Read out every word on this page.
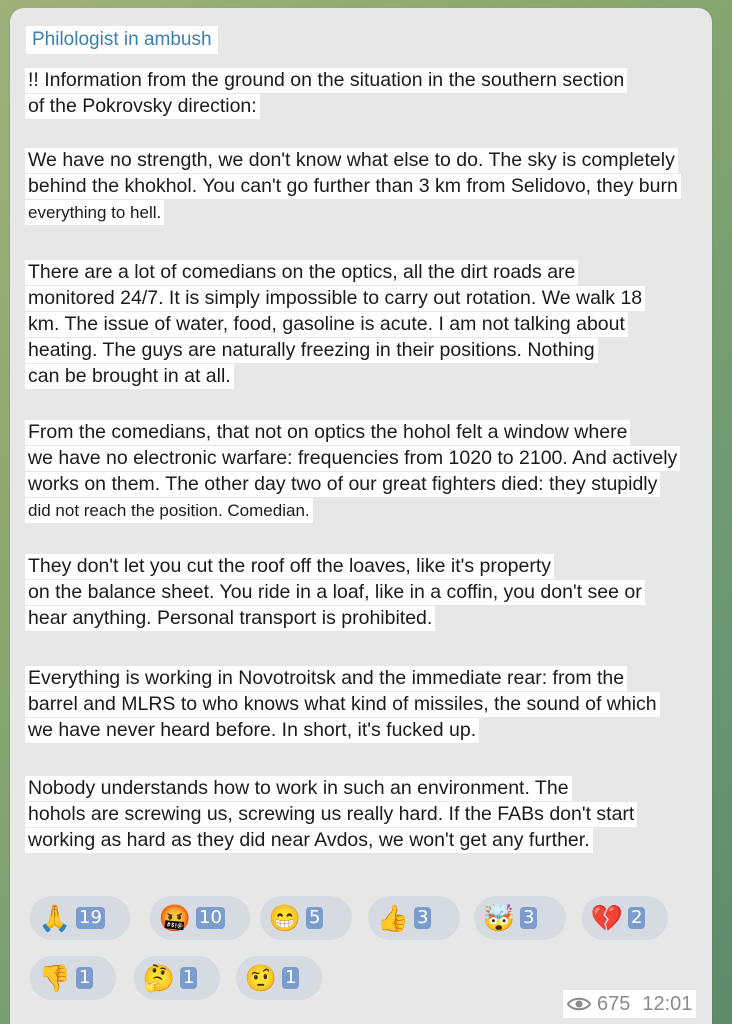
Philologist in ambush
!! Information from the ground on the situation in the southern section
of the Pokrovsky direction:
We have no strength, we don't know what else to do. The sky is completely
behind the khokhol. You can't go further than 3 km from Selidovo, they burn
everything to hell.
There are a lot of comedians on the optics, all the dirt roads are
monitored 24/7. It is simply impossible to carry out rotation. We walk 18
km. The issue of water, food, gasoline is acute. I am not talking about
heating. The guys are naturally freezing in their positions. Nothing
can be brought in at all.
From the comedians, that not on optics the hohol felt a window where
we have no electronic warfare: frequencies from 1020 to 2100. And actively
works on them. The other day two of our great fighters died: they stupidly
did not reach the position. Comedian.
They don't let you cut the roof off the loaves, like it's property
on the balance sheet. You ride in a loaf, like in a coffin, you don't see or
hear anything. Personal transport is prohibited.
Everything is working in Novotroitsk and the immediate rear: from the
barrel and MLRS to who knows what kind of missiles, the sound of which
we have never heard before. In short, it's fucked up.
Nobody understands how to work in such an environment. The
hohols are screwing us, screwing us really hard. If the FABs don't start
working as hard as they did near Avdos, we won't get any further.
🙏 19 🤬 10 😁 5 👍 3 🤯 3 💔 2
👎 1 🤔 1 🤨 1
675 12:01
